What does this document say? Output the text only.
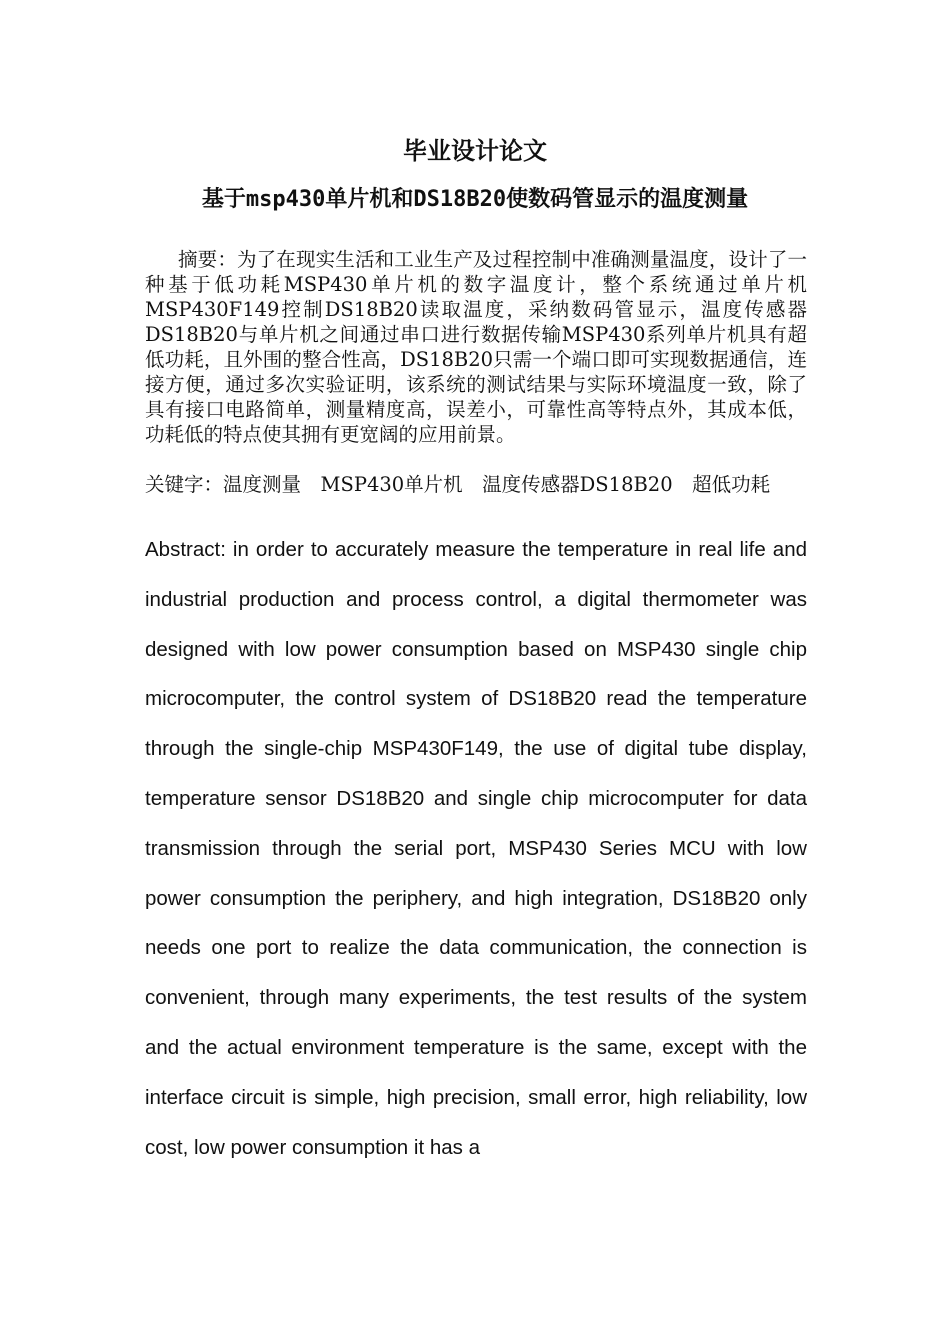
毕业设计论文
基于msp430单片机和DS18B20使数码管显示的温度测量

摘要：为了在现实生活和工业生产及过程控制中准确测量温度，设计了一种基于低功耗MSP430单片机的数字温度计，整个系统通过单片机MSP430F149控制DS18B20读取温度，采纳数码管显示，温度传感器DS18B20与单片机之间通过串口进行数据传输MSP430系列单片机具有超低功耗，且外围的整合性高，DS18B20只需一个端口即可实现数据通信，连接方便，通过多次实验证明，该系统的测试结果与实际环境温度一致，除了具有接口电路简单，测量精度高，误差小，可靠性高等特点外，其成本低，功耗低的特点使其拥有更宽阔的应用前景。

关键字：温度测量　MSP430单片机　温度传感器DS18B20　超低功耗

Abstract: in order to accurately measure the temperature in real life and industrial production and process control, a digital thermometer was designed with low power consumption based on MSP430 single chip microcomputer, the control system of DS18B20 read the temperature through the single-chip MSP430F149, the use of digital tube display, temperature sensor DS18B20 and single chip microcomputer for data transmission through the serial port, MSP430 Series MCU with low power consumption the periphery, and high integration, DS18B20 only needs one port to realize the data communication, the connection is convenient, through many experiments, the test results of the system and the actual environment temperature is the same, except with the interface circuit is simple, high precision, small error, high reliability, low cost, low power consumption it has a
